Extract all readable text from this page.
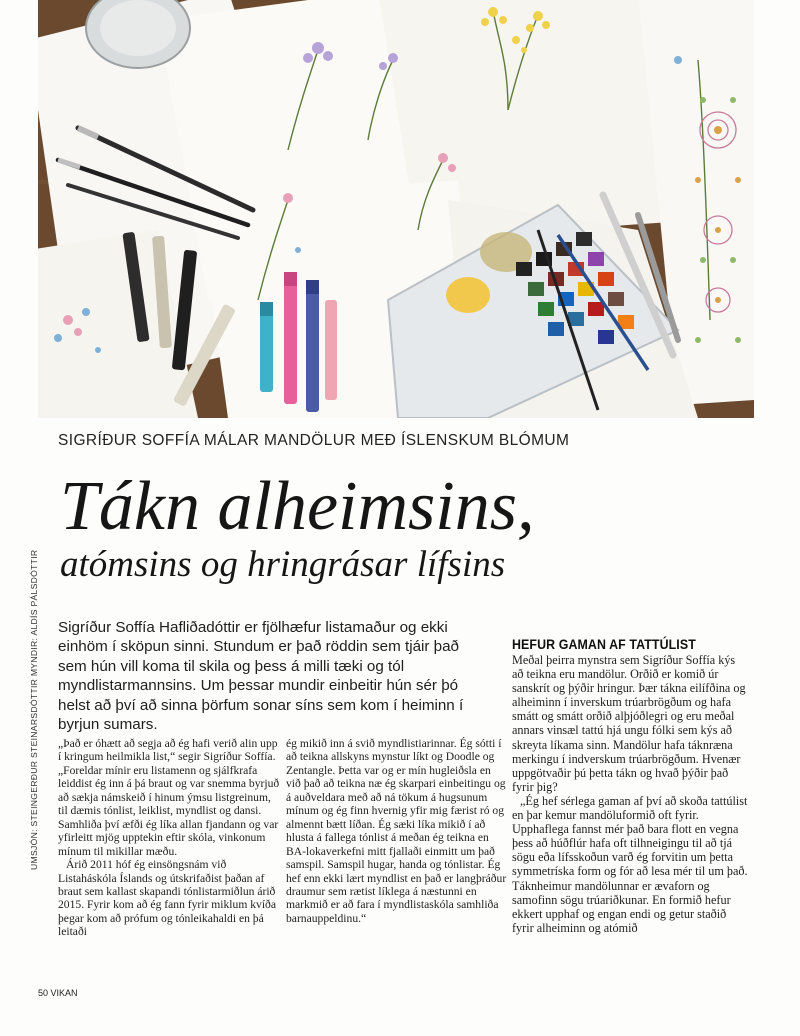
SIGRÍÐUR SOFFÍA MÁLAR MANDÖLUR MEÐ ÍSLENSKUM BLÓMUM
Tákn alheimsins,
atómsins og hringrásar lífsins
Sigríður Soffía Hafliðadóttir er fjölhæfur listamaður og ekki einhöm í sköpun sinni. Stundum er það röddin sem tjáir það sem hún vill koma til skila og þess á milli tæki og tól myndlistarmannsins. Um þessar mundir einbeitir hún sér þó helst að því að sinna þörfum sonar síns sem kom í heiminn í byrjun sumars.
UMSJÓN: STEINGERÐUR STEINARSDÓTTIR MYNDIR: ALDÍS PÁLSDÓTTIR „Það er óhætt að segja að ég hafi verið alin upp í kringum heilmikla list,“ segir Sigríður Soffía. „Foreldar mínir eru listamenn og sjálfkrafa leiddist ég inn á þá braut og var snemma byrjuð að sækja námskeið í hinum ýmsu listgreinum, til dæmis tónlist, leiklist, myndlist og dansi. Samhliða því æfði ég líka allan fjandann og var yfirleitt mjög upptekin eftir skóla, vinkonum mínum til mikillar mæðu.

Árið 2011 hóf ég einsöngsnám við Listaháskóla Íslands og útskrifaðist þaðan af braut sem kallast skapandi tónlistarmiðlun árið 2015. Fyrir kom að ég fann fyrir miklum kvíða þegar kom að prófum og tónleikahaldi en þá leitaði

ég mikið inn á svið myndlistiarinnar. Ég sótti í að teikna allskyns mynstur líkt og Doodle og Zentangle. Þetta var og er mín hugleiðsla en við það að teikna næ ég skarpari einbeitingu og á auðveldara með að ná tökum á hugsunum mínum og ég finn hvernig yfir mig færist ró og almennt bætt líðan. Ég sæki líka mikið í að hlusta á fallega tónlist á meðan ég teikna en BA-lokaverkefni mitt fjallaði einmitt um það samspil. Samspil hugar, handa og tónlistar. Ég hef enn ekki lært myndlist en það er langþráður draumur sem rætist líklega á næstunni en markmið er að fara í myndlistaskóla samhliða barnauppeldinu.“

HEFUR GAMAN AF TATTÚLIST

Meðal þeirra mynstra sem Sigríður Soffía kýs að teikna eru mandölur. Orðið er komið úr sanskrít og þýðir hringur. Þær tákna eilífðina og alheiminn í inverskum trúarbrögðum og hafa smátt og smátt orðið alþjóðlegri og eru meðal annars vinsæl tattú hjá ungu fólki sem kýs að skreyta líkama sinn. Mandölur hafa táknræna merkingu í indverskum trúarbrögðum. Hvenær uppgötvaðir þú þetta tákn og hvað þýðir það fyrir þig?

„Ég hef sérlega gaman af því að skoða tattúlist en þar kemur mandöluformið oft fyrir. Upphaflega fannst mér það bara flott en vegna þess að húðflúr hafa oft tilhneigingu til að tjá sögu eða lífsskoðun varð ég forvitin um þetta symmetríska form og fór að lesa mér til um það. Táknheimur mandölunnar er ævaforn og samofinn sögu trúariðkunar. En formið hefur ekkert upphaf og engan endi og getur staðið fyrir alheiminn og atómið

50 VIKAN
